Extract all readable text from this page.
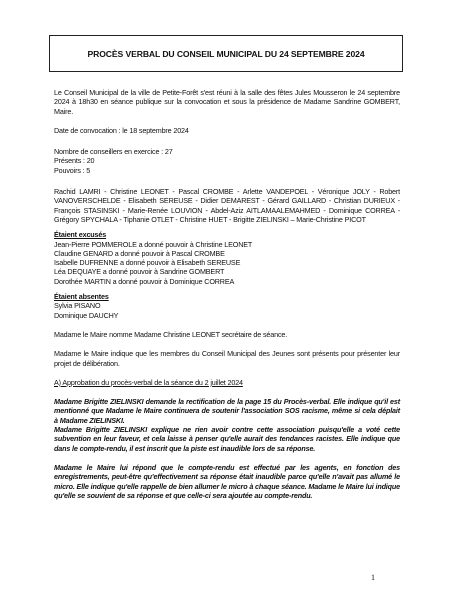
PROCÈS VERBAL DU CONSEIL MUNICIPAL DU 24 SEPTEMBRE 2024

Le Conseil Municipal de la ville de Petite-Forêt s'est réuni à la salle des fêtes Jules Mousseron le 24 septembre 2024 à 18h30 en séance publique sur la convocation et sous la présidence de Madame Sandrine GOMBERT, Maire.

Date de convocation : le 18 septembre 2024

Nombre de conseillers en exercice : 27

Présents : 20

Pouvoirs : 5

Rachid LAMRI - Christine LEONET - Pascal CROMBE - Arlette VANDEPOEL - Véronique JOLY - Robert VANOVERSCHELDE - Elisabeth SEREUSE - Didier DEMAREST - Gérard GAILLARD - Christian DURIEUX - François STASINSKI - Marie-Renée LOUVION - Abdel-Aziz AITLAMAALEMAHMED - Dominique CORREA - Grégory SPYCHALA - Tiphanie OTLET - Christine HUET - Brigitte ZIELINSKI – Marie-Christine PICOT

Étaient excusés

Jean-Pierre POMMEROLE a donné pouvoir à Christine LEONET

Claudine GENARD a donné pouvoir à Pascal CROMBE

Isabelle DUFRENNE a donné pouvoir à Elisabeth SEREUSE

Léa DEQUAYE a donné pouvoir à Sandrine GOMBERT

Dorothée MARTIN a donné pouvoir à Dominique CORREA

Étaient absentes

Sylvia PISANO

Dominique DAUCHY

Madame le Maire nomme Madame Christine LEONET secrétaire de séance.

Madame le Maire indique que les membres du Conseil Municipal des Jeunes sont présents pour présenter leur projet de délibération.

A) Approbation du procès-verbal de la séance du 2 juillet 2024

Madame Brigitte ZIELINSKI demande la rectification de la page 15 du Procès-verbal. Elle indique qu'il est mentionné que Madame le Maire continuera de soutenir l'association SOS racisme, même si cela déplait à Madame ZIELINSKI.

Madame Brigitte ZIELINSKI explique ne rien avoir contre cette association puisqu'elle a voté cette subvention en leur faveur, et cela laisse à penser qu'elle aurait des tendances racistes. Elle indique que dans le compte-rendu, il est inscrit que la piste est inaudible lors de sa réponse.

Madame le Maire lui répond que le compte-rendu est effectué par les agents, en fonction des enregistrements, peut-être qu'effectivement sa réponse était inaudible parce qu'elle n'avait pas allumé le micro. Elle indique qu'elle rappelle de bien allumer le micro à chaque séance. Madame le Maire lui indique qu'elle se souvient de sa réponse et que celle-ci sera ajoutée au compte-rendu.

1
